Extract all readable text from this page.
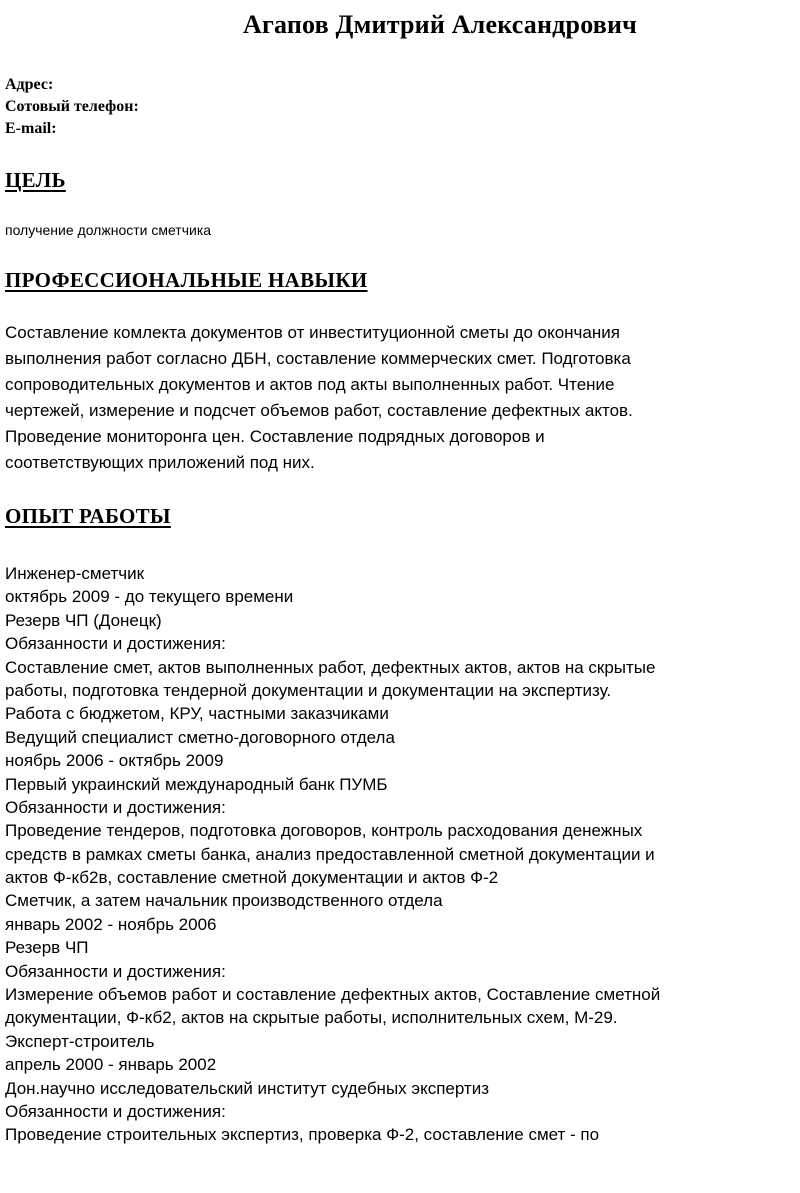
Агапов Дмитрий Александрович
Адрес:
Сотовый телефон:
E-mail:
ЦЕЛЬ
получение должности сметчика
ПРОФЕССИОНАЛЬНЫЕ НАВЫКИ
Составление комлекта документов от инвеституционной сметы до окончания
выполнения работ согласно ДБН, составление коммерческих смет. Подготовка
сопроводительных документов и актов под акты выполненных работ. Чтение
чертежей, измерение и подсчет объемов работ, составление дефектных актов.
Проведение мониторонга цен. Составление подрядных договоров и
соответствующих приложений под них.
ОПЫТ РАБОТЫ
Инженер-сметчик
октябрь 2009 - до текущего времени
Резерв ЧП (Донецк)
Обязанности и достижения:
Составление смет, актов выполненных работ, дефектных актов, актов на скрытые
работы, подготовка тендерной документации и документации на экспертизу.
Работа с бюджетом, КРУ, частными заказчиками
Ведущий специалист сметно-договорного отдела
ноябрь 2006 - октябрь 2009
Первый украинский международный банк ПУМБ
Обязанности и достижения:
Проведение тендеров, подготовка договоров, контроль расходования денежных
средств в рамках сметы банка, анализ предоставленной сметной документации и
актов Ф-кб2в, составление сметной документации и актов Ф-2
Сметчик, а затем начальник производственного отдела
январь 2002 - ноябрь 2006
Резерв ЧП
Обязанности и достижения:
Измерение объемов работ и составление дефектных актов, Составление сметной
документации, Ф-кб2, актов на скрытые работы, исполнительных схем, М-29.
Эксперт-строитель
апрель 2000 - январь 2002
Дон.научно исследовательский институт судебных экспертиз
Обязанности и достижения:
Проведение строительных экспертиз, проверка Ф-2, составление смет - по
